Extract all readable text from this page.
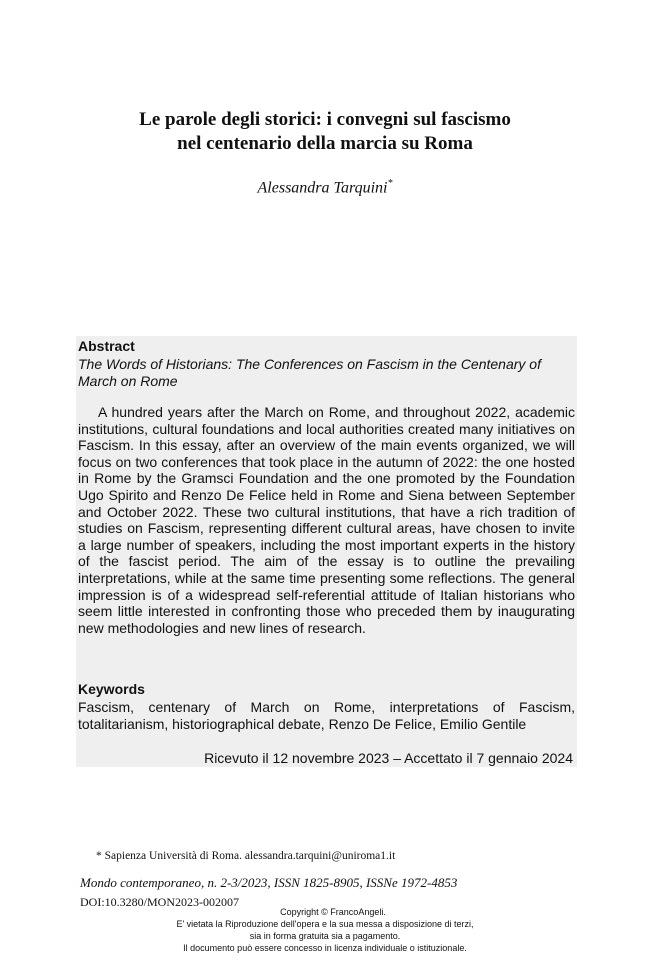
Le parole degli storici: i convegni sul fascismo
nel centenario della marcia su Roma
Alessandra Tarquini*
Abstract
The Words of Historians: The Conferences on Fascism in the Centenary of March on Rome
A hundred years after the March on Rome, and throughout 2022, academic institutions, cultural foundations and local authorities created many initiatives on Fascism. In this essay, after an overview of the main events organized, we will focus on two conferences that took place in the autumn of 2022: the one hosted in Rome by the Gramsci Foundation and the one promoted by the Foundation Ugo Spirito and Renzo De Felice held in Rome and Siena between September and October 2022. These two cultural institutions, that have a rich tradition of studies on Fascism, representing different cultural areas, have chosen to invite a large number of speakers, including the most important experts in the history of the fascist period. The aim of the essay is to outline the prevailing interpretations, while at the same time presenting some reflections. The general impression is of a widespread self-referential attitude of Italian historians who seem little interested in confronting those who preceded them by inaugurating new methodologies and new lines of research.
Keywords
Fascism, centenary of March on Rome, interpretations of Fascism, totalitarianism, historiographical debate, Renzo De Felice, Emilio Gentile
Ricevuto il 12 novembre 2023 – Accettato il 7 gennaio 2024
* Sapienza Università di Roma. alessandra.tarquini@uniroma1.it
Mondo contemporaneo, n. 2-3/2023, ISSN 1825-8905, ISSNe 1972-4853
DOI:10.3280/MON2023-002007
Copyright © FrancoAngeli.
E' vietata la Riproduzione dell'opera e la sua messa a disposizione di terzi,
sia in forma gratuita sia a pagamento.
Il documento può essere concesso in licenza individuale o istituzionale.
